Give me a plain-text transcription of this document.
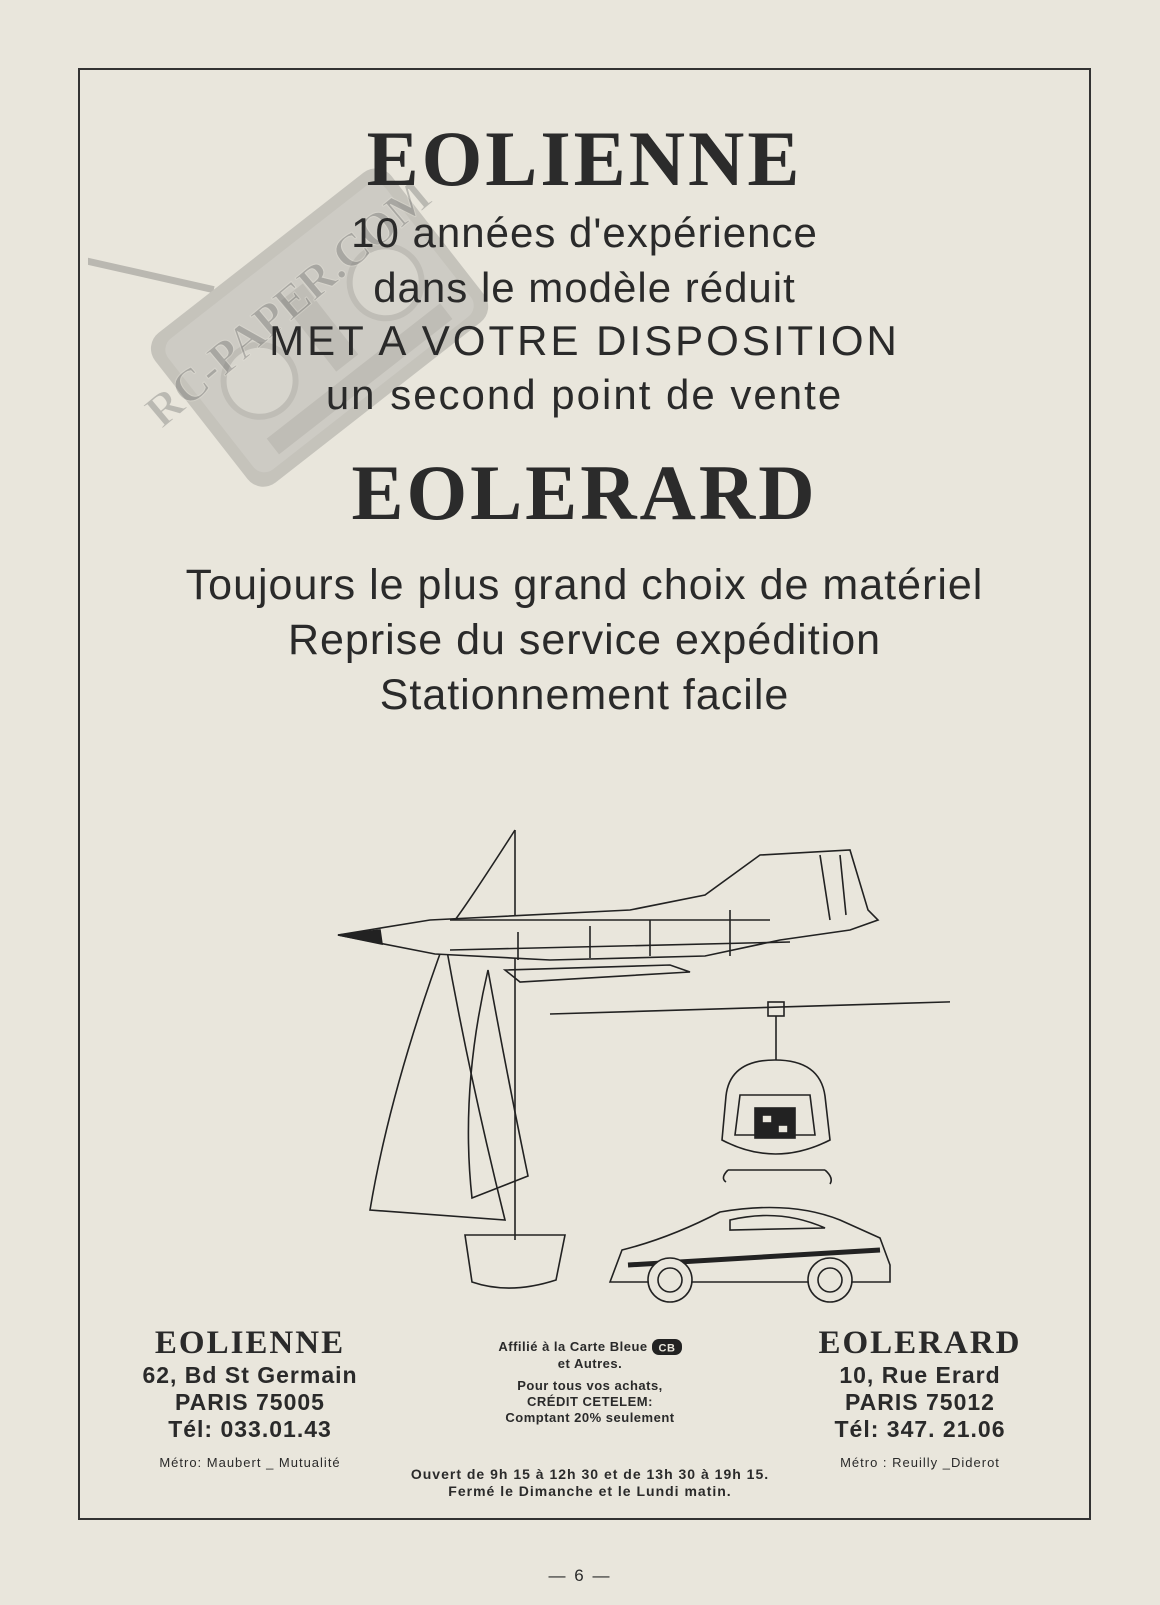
RC-PAPER.COM
EOLIENNE
10 années d'expérience
dans le modèle réduit
MET A VOTRE DISPOSITION
un second point de vente
EOLERARD
Toujours le plus grand choix de matériel
Reprise du service expédition
Stationnement facile
EOLIENNE
62, Bd St Germain
PARIS 75005
Tél: 033.01.43
Métro: Maubert _ Mutualité
Affilié à la Carte Bleue CB
et Autres.
Pour tous vos achats,
CRÉDIT CETELEM:
Comptant 20% seulement
EOLERARD
10, Rue Erard
PARIS 75012
Tél: 347. 21.06
Métro : Reuilly _Diderot
Ouvert de 9h 15 à 12h 30 et de 13h 30 à 19h 15.
Fermé le Dimanche et le Lundi matin.
— 6 —
